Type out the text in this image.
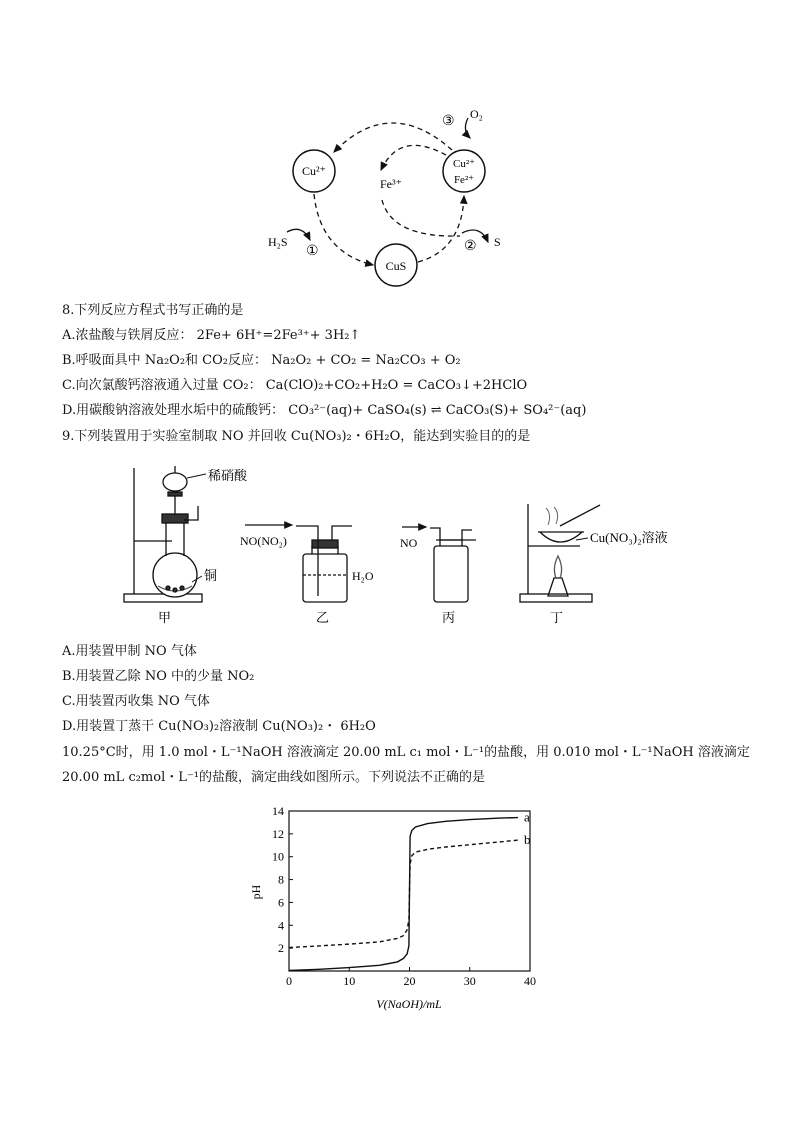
Cu²⁺
CuS
Cu²⁺
Fe²⁺
Fe³⁺
H₂S	S
O₂
①	②
③
8.下列反应方程式书写正确的是
A.浓盐酸与铁屑反应： 2Fe+ 6H⁺=2Fe³⁺+ 3H₂↑
B.呼吸面具中 Na₂O₂和 CO₂反应： Na₂O₂ + CO₂ = Na₂CO₃ + O₂
C.向次氯酸钙溶液通入过量 CO₂： Ca(ClO)₂+CO₂+H₂O = CaCO₃↓+2HClO
D.用碳酸钠溶液处理水垢中的硫酸钙： CO₃²⁻(aq)+ CaSO₄(s) ⇌ CaCO₃(S)+ SO₄²⁻(aq)
9.下列装置用于实验室制取 NO 并回收 Cu(NO₃)₂・6H₂O，能达到实验目的的是
稀硝酸
铜
甲
NO(NO₂)
H₂O
乙
NO
丙
Cu(NO₃)₂溶液
丁
A.用装置甲制 NO 气体
B.用装置乙除 NO 中的少量 NO₂
C.用装置丙收集 NO 气体
D.用装置丁蒸干 Cu(NO₃)₂溶液制 Cu(NO₃)₂・ 6H₂O
10.25°C时，用 1.0 mol・L⁻¹NaOH 溶液滴定 20.00 mL c₁ mol・L⁻¹的盐酸，用 0.010 mol・L⁻¹NaOH 溶液滴定
20.00 mL c₂mol・L⁻¹的盐酸，滴定曲线如图所示。下列说法不正确的是
0	10	20	30	40
2
4
6
8
10
12
14	a
b
V(NaOH)/mL
pH
